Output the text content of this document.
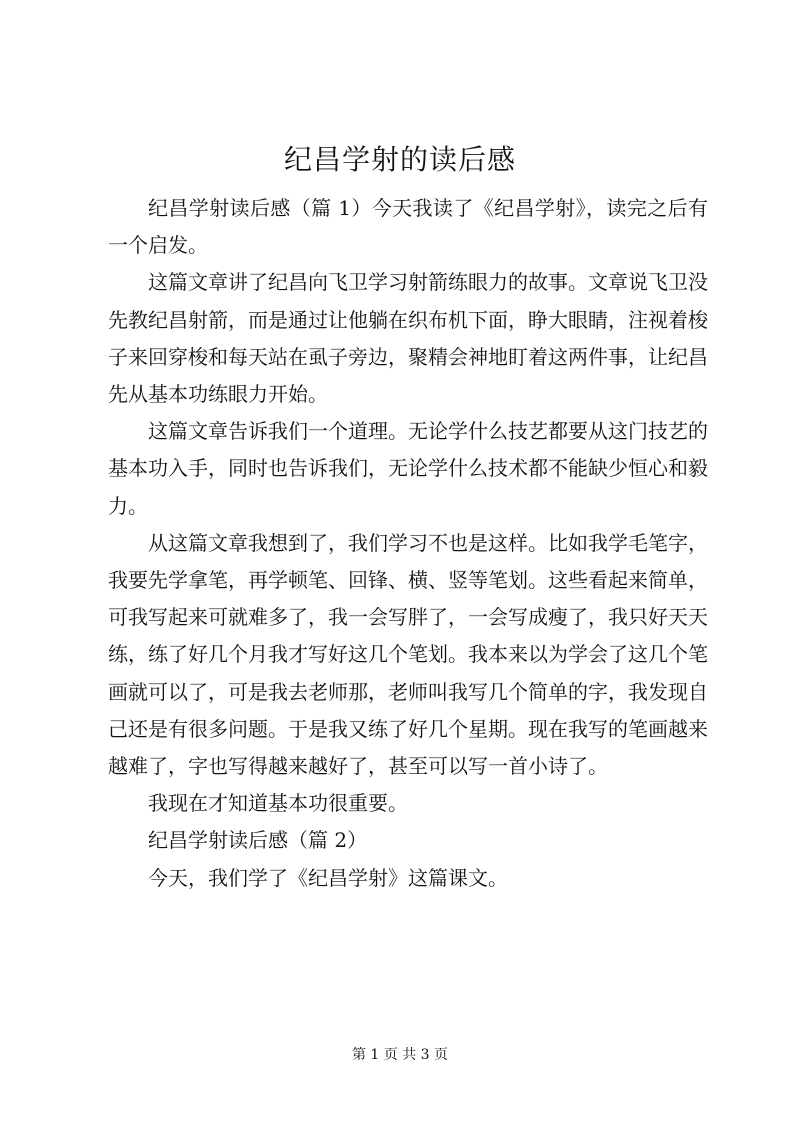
纪昌学射的读后感

纪昌学射读后感（篇 1）今天我读了《纪昌学射》，读完之后有一个启发。

这篇文章讲了纪昌向飞卫学习射箭练眼力的故事。文章说飞卫没先教纪昌射箭，而是通过让他躺在织布机下面，睁大眼睛，注视着梭子来回穿梭和每天站在虱子旁边，聚精会神地盯着这两件事，让纪昌先从基本功练眼力开始。

这篇文章告诉我们一个道理。无论学什么技艺都要从这门技艺的基本功入手，同时也告诉我们，无论学什么技术都不能缺少恒心和毅力。

从这篇文章我想到了，我们学习不也是这样。比如我学毛笔字，我要先学拿笔，再学顿笔、回锋、横、竖等笔划。这些看起来简单，可我写起来可就难多了，我一会写胖了，一会写成瘦了，我只好天天练，练了好几个月我才写好这几个笔划。我本来以为学会了这几个笔画就可以了，可是我去老师那，老师叫我写几个简单的字，我发现自己还是有很多问题。于是我又练了好几个星期。现在我写的笔画越来越难了，字也写得越来越好了，甚至可以写一首小诗了。

我现在才知道基本功很重要。

纪昌学射读后感（篇 2）

今天，我们学了《纪昌学射》这篇课文。

第 1 页 共 3 页
